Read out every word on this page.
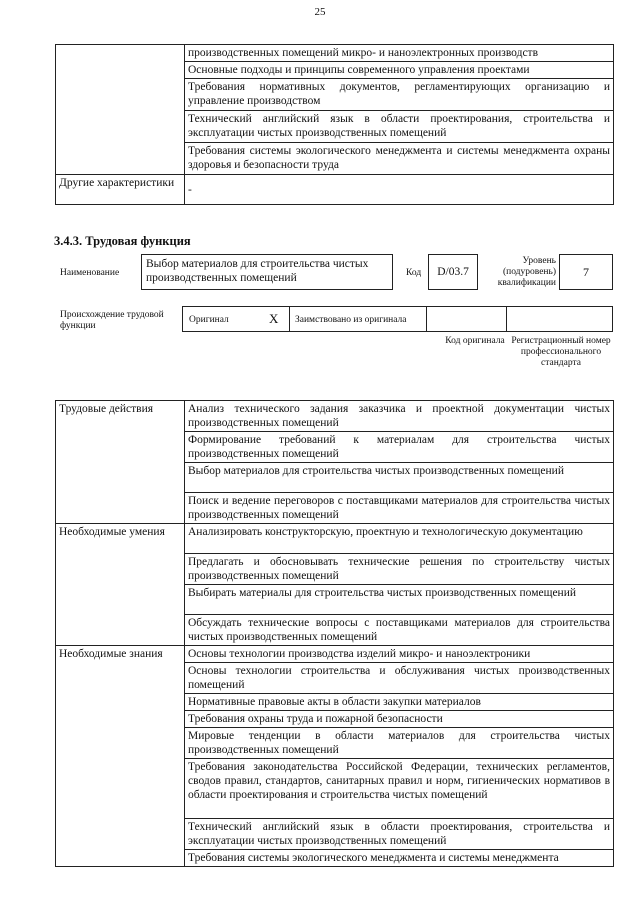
25
	производственных помещений микро- и наноэлектронных производств
	Основные подходы и принципы современного управления проектами
	Требования нормативных документов, регламентирующих организацию и управление производством
	Технический английский язык в области проектирования, строительства и эксплуатации чистых производственных помещений
	Требования системы экологического менеджмента и системы менеджмента охраны здоровья и безопасности труда
Другие характеристики	-
3.4.3. Трудовая функция
Наименование
Выбор материалов для строительства чистых производственных помещений	Код	D/03.7
Уровень (подуровень) квалификации
7
Происхождение трудовой функции
Оригинал	X Заимствовано из оригинала
Код оригинала Регистрационный номер профессионального стандарта
Трудовые действия	Анализ технического задания заказчика и проектной документации чистых производственных помещений
	Формирование требований к материалам для строительства чистых производственных помещений
	Выбор материалов для строительства чистых производственных помещений
	Поиск и ведение переговоров с поставщиками материалов для строительства чистых производственных помещений
Необходимые умения	Анализировать конструкторскую, проектную и технологическую документацию
	Предлагать и обосновывать технические решения по строительству чистых производственных помещений
	Выбирать материалы для строительства чистых производственных помещений
	Обсуждать технические вопросы с поставщиками материалов для строительства чистых производственных помещений
Необходимые знания	Основы технологии производства изделий микро- и наноэлектроники
	Основы технологии строительства и обслуживания чистых производственных помещений
	Нормативные правовые акты в области закупки материалов
	Требования охраны труда и пожарной безопасности
	Мировые тенденции в области материалов для строительства чистых производственных помещений
	Требования законодательства Российской Федерации, технических регламентов, сводов правил, стандартов, санитарных правил и норм, гигиенических нормативов в области проектирования и строительства чистых помещений
	Технический английский язык в области проектирования, строительства и эксплуатации чистых производственных помещений
	Требования системы экологического менеджмента и системы менеджмента
